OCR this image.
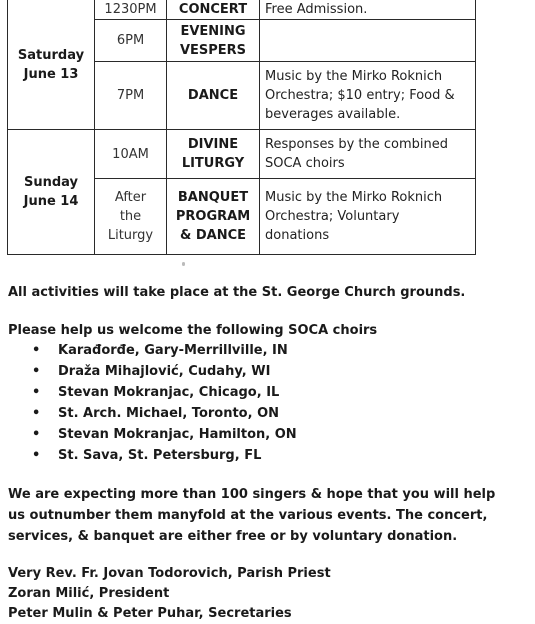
Saturday
June 13	1230PM	CONCERT	Free Admission.

	6PM	EVENING
VESPERS	

	7PM	DANCE	Music by the Mirko Roknich
Orchestra; $10 entry; Food &
beverages available.

Sunday
June 14	10AM	DIVINE
LITURGY	Responses by the combined
SOCA choirs

	After
the
Liturgy	BANQUET
PROGRAM
& DANCE	Music by the Mirko Roknich
Orchestra; Voluntary
donations

All activities will take place at the St. George Church grounds.

Please help us welcome the following SOCA choirs

• Karađorđe, Gary-Merrillville, IN
• Draža Mihajlović, Cudahy, WI
• Stevan Mokranjac, Chicago, IL
• St. Arch. Michael, Toronto, ON
• Stevan Mokranjac, Hamilton, ON
• St. Sava, St. Petersburg, FL
We are expecting more than 100 singers & hope that you will help
us outnumber them manyfold at the various events. The concert,
services, & banquet are either free or by voluntary donation.
Very Rev. Fr. Jovan Todorovich, Parish Priest
Zoran Milić, President
Peter Mulin & Peter Puhar, Secretaries
